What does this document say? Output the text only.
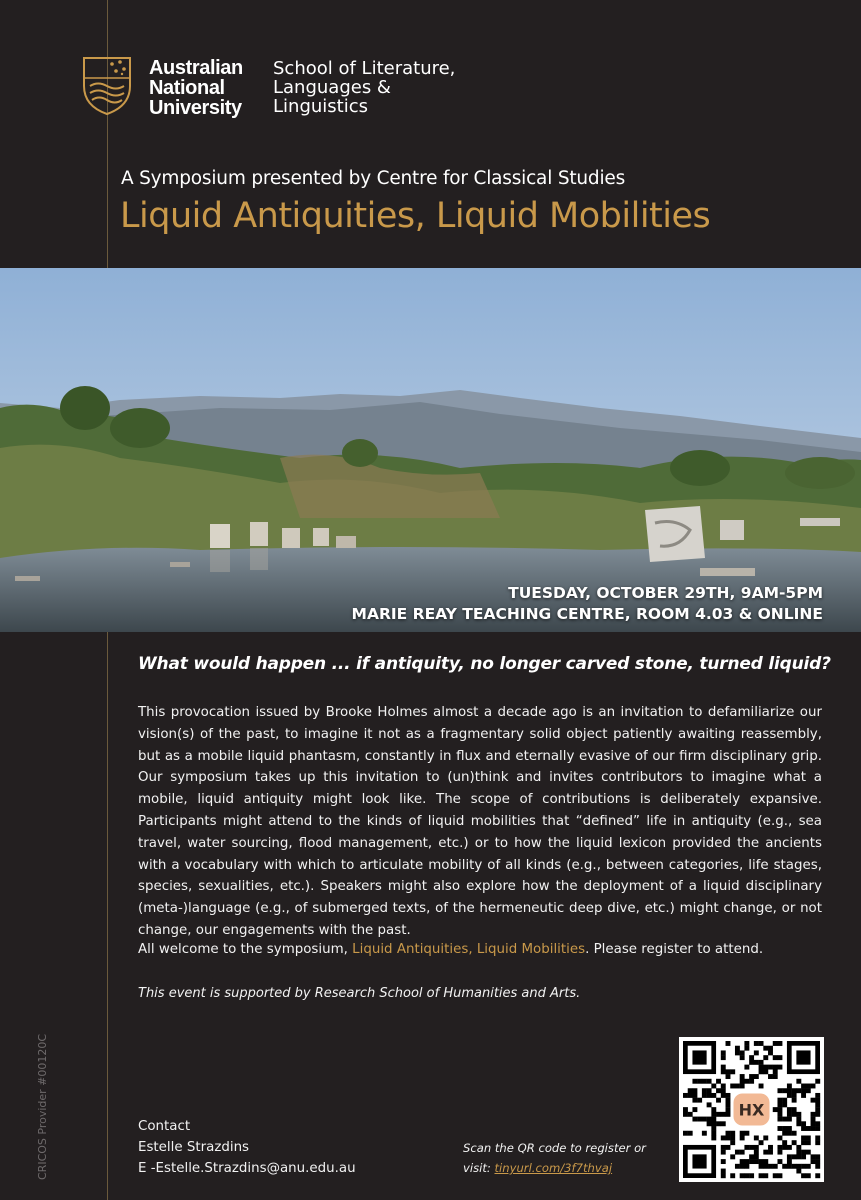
Australian
National
University
School of Literature,
Languages &
Linguistics
A Symposium presented by Centre for Classical Studies
Liquid Antiquities, Liquid Mobilities
TUESDAY, OCTOBER 29TH, 9AM-5PM
MARIE REAY TEACHING CENTRE, ROOM 4.03 & ONLINE
What would happen ... if antiquity, no longer carved stone, turned liquid?
This provocation issued by Brooke Holmes almost a decade ago is an invitation to defamiliarize our vision(s) of the past, to imagine it not as a fragmentary solid object patiently awaiting reassembly, but as a mobile liquid phantasm, constantly in flux and eternally evasive of our firm disciplinary grip. Our symposium takes up this invitation to (un)think and invites contributors to imagine what a mobile, liquid antiquity might look like. The scope of contributions is deliberately expansive. Participants might attend to the kinds of liquid mobilities that “defined” life in antiquity (e.g., sea travel, water sourcing, flood management, etc.) or to how the liquid lexicon provided the ancients with a vocabulary with which to articulate mobility of all kinds (e.g., between categories, life stages, species, sexualities, etc.). Speakers might also explore how the deployment of a liquid disciplinary (meta-)language (e.g., of submerged texts, of the hermeneutic deep dive, etc.) might change, or not change, our engagements with the past.
All welcome to the symposium, Liquid Antiquities, Liquid Mobilities. Please register to attend.
This event is supported by Research School of Humanities and Arts.
CRICOS Provider #00120C	Contact
Estelle Strazdins
E -Estelle.Strazdins@anu.edu.au
Scan the QR code to register or
visit: tinyurl.com/3f7thvaj
HX
